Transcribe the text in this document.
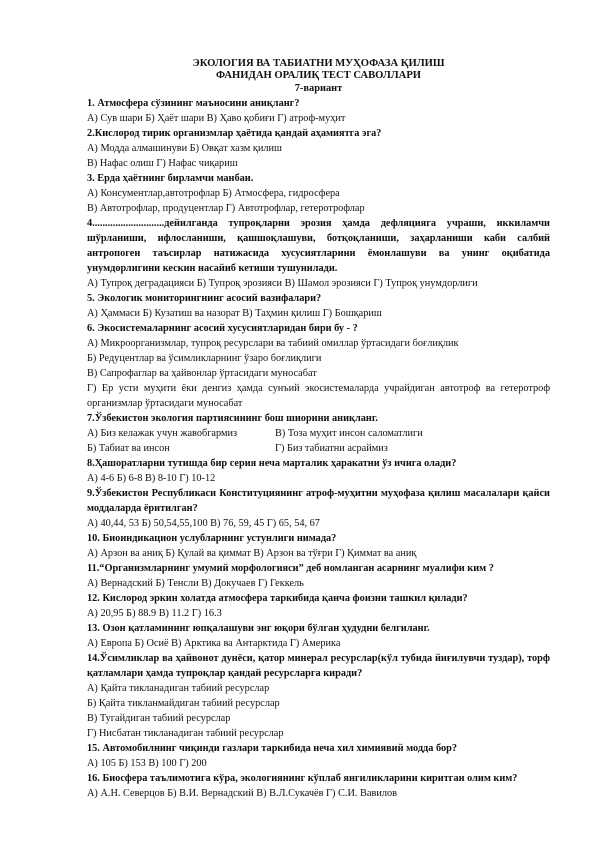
ЭКОЛОГИЯ ВА ТАБИАТНИ МУҲОФАЗА ҚИЛИШ
ФАНИДАН ОРАЛИҚ ТЕСТ САВОЛЛАРИ
7-вариант
1. Атмосфера сўзининг маъносини аниқланг?
А) Сув шари Б) Ҳаёт шари В) Ҳаво қобиғи Г) атроф-муҳит
2.Кислород тирик организмлар ҳаётида қандай аҳамиятга эга?
А) Модда алмашинуви Б) Овқат хазм қилиш
В) Нафас олиш Г) Нафас чиқариш
3. Ерда ҳаётнинг бирламчи манбаи.
А) Консументлар,автотрофлар Б) Атмосфера, гидросфера
В) Автотрофлар, продуцентлар Г) Автотрофлар, гетеротрофлар
4............................дейилганда тупроқларни эрозия ҳамда дефляцияга учраши, иккиламчи шўрланиши, ифлосланиши, қашшоқлашуви, ботқоқланиши, заҳарланиши каби салбий антропоген таъсирлар натижасида хусусиятларини ёмонлашуви ва унинг оқибатида унумдорлигини кескин насайиб кетиши тушунилади.
А) Тупроқ деградацияси Б) Тупроқ эрозияси В) Шамол эрозияси Г) Тупроқ унумдорлиги
5. Экологик мониторингнинг асосий вазифалари?
А) Ҳаммаси Б) Кузатиш ва назорат В) Таҳмин қилиш Г) Бошқариш
6. Экосистемаларнинг асосий хусусиятларидан бири бу - ?
А) Микроорганизмлар, тупроқ ресурслари ва табиий омиллар ўртасидаги боғлиқлик
Б) Редуцентлар ва ўсимликларнинг ўзаро боғлиқлиги
В) Сапрофаглар ва ҳайвонлар ўртасидаги муносабат
Г) Ер усти муҳити ёки денгиз ҳамда сунъий экосистемаларда учрайдиган автотроф ва гетеротроф организмлар ўртасидаги муносабат
7.Ўзбекистон экология партиясининг бош шиорини аниқланг.
А) Биз келажак учун жавобгармиз	В) Тоза муҳит инсон саломатлиги
Б) Табиат ва инсон	Г) Биз табиатни асраймиз
8.Ҳашоратларни тутишда бир серия неча марталик ҳаракатни ўз ичига олади?
А) 4-6 Б) 6-8 В) 8-10 Г) 10-12
9.Ўзбекистон Республикаси Конституциянинг атроф-муҳитни муҳофаза қилиш масалалари қайси моддаларда ёритилган?
А) 40,44, 53 Б) 50,54,55,100 В) 76, 59, 45 Г) 65, 54, 67
10. Биоиндикацион услубларнинг устунлиги нимада?
А) Арзон ва аниқ Б) Қулай ва қиммат В) Арзон ва тўғри Г) Қиммат ва аниқ
11.“Организмларнинг умумий морфологияси” деб номланган асарнинг муалифи ким ?
А) Вернадский Б) Тенсли В) Докучаев Г) Геккель
12. Кислород эркин холатда атмосфера таркибида қанча фоизни ташкил қилади?
А) 20,95 Б) 88.9 В) 11.2 Г) 16.3
13. Озон қатламининг юпқалашуви энг юқори бўлган ҳудудни белгиланг.
А) Европа Б) Осиё В) Арктика ва Антарктида Г) Америка
14.Ўсимликлар ва ҳайвонот дунёси, қатор минерал ресурслар(кўл тубида йиғилувчи туздар), торф қатламлари ҳамда тупроқлар қандай ресурсларга киради?
А) Қайта тикланадиган табиий ресурслар
Б) Қайта тикланмайдиган табиий ресурслар
В) Тугайдиган табиий ресурслар
Г) Нисбатан тикланадиган табиий ресурслар
15. Автомобилнинг чиқинди газлари таркибида неча хил химиявий модда бор?
А) 105 Б) 153 В) 100 Г) 200
16. Биосфера таълимотига кўра, экологиянинг кўплаб янгиликларини киритган олим ким?
А) А.Н. Северцов Б) В.И. Вернадский В) В.Л.Сукачёв Г) С.И. Вавилов
